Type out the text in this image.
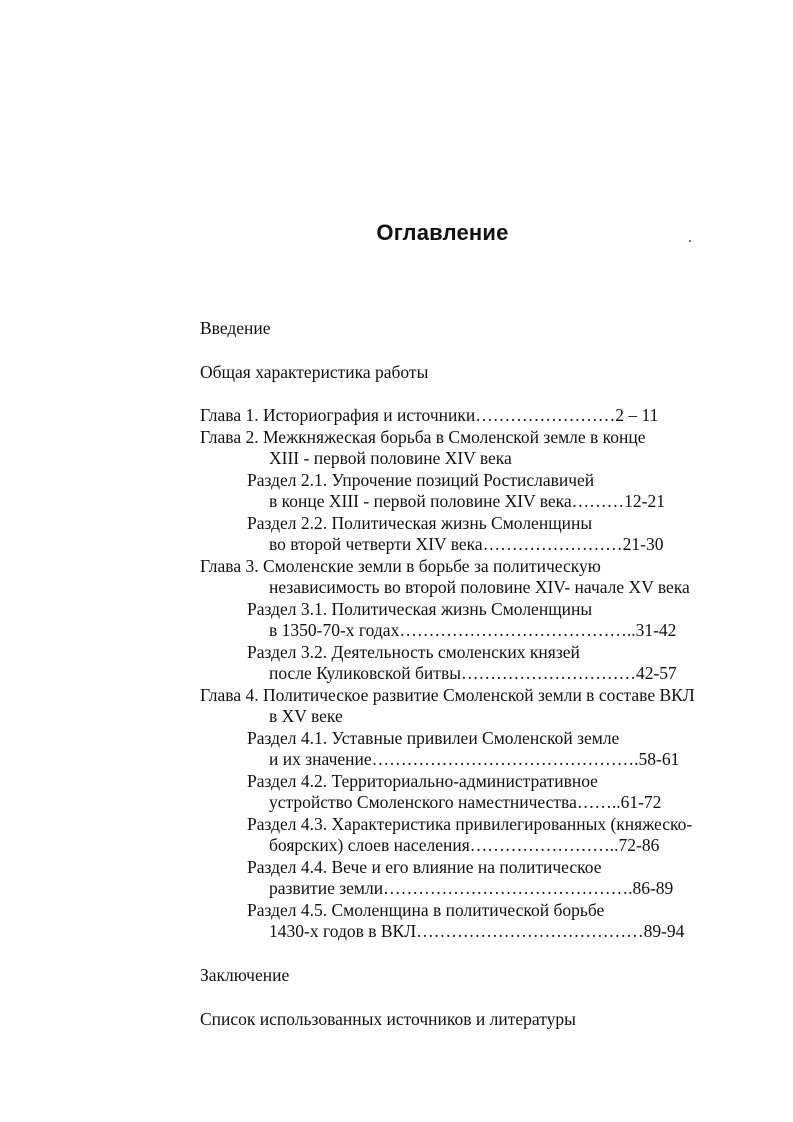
Оглавление
Введение
Общая характеристика работы
Глава 1. Историография и источники……………………2 – 11
Глава 2. Межкняжеская борьба в Смоленской земле в конце
XIII - первой половине XIV века
Раздел 2.1. Упрочение позиций Ростиславичей
в конце XIII - первой половине XIV века………12-21
Раздел 2.2. Политическая жизнь Смоленщины
во второй четверти XIV века……………………21-30
Глава 3. Смоленские земли в борьбе за политическую
независимость во второй половине XIV- начале XV века
Раздел 3.1. Политическая жизнь Смоленщины
в 1350-70-х годах…………………………………..31-42
Раздел 3.2. Деятельность смоленских князей
после Куликовской битвы…………………………42-57
Глава 4. Политическое развитие Смоленской земли в составе ВКЛ
в XV веке
Раздел 4.1. Уставные привилеи Смоленской земле
и их значение……………………………………….58-61
Раздел 4.2. Территориально-административное
устройство Смоленского наместничества……..61-72
Раздел 4.3. Характеристика привилегированных (княжеско-
боярских) слоев населения……………………..72-86
Раздел 4.4. Вече и его влияние на политическое
развитие земли…………………………………….86-89
Раздел 4.5. Смоленщина в политической борьбе
1430-х годов в ВКЛ…………………………………89-94
Заключение
Список использованных источников и литературы
